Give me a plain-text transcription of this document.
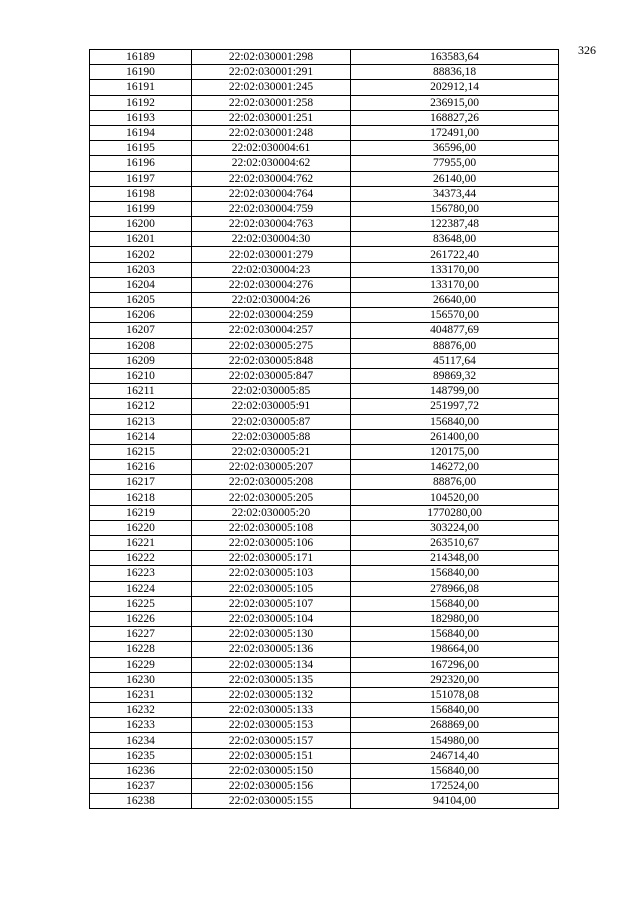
326
16189	22:02:030001:298	163583,64
16190	22:02:030001:291	88836,18
16191	22:02:030001:245	202912,14
16192	22:02:030001:258	236915,00
16193	22:02:030001:251	168827,26
16194	22:02:030001:248	172491,00
16195	22:02:030004:61	36596,00
16196	22:02:030004:62	77955,00
16197	22:02:030004:762	26140,00
16198	22:02:030004:764	34373,44
16199	22:02:030004:759	156780,00
16200	22:02:030004:763	122387,48
16201	22:02:030004:30	83648,00
16202	22:02:030001:279	261722,40
16203	22:02:030004:23	133170,00
16204	22:02:030004:276	133170,00
16205	22:02:030004:26	26640,00
16206	22:02:030004:259	156570,00
16207	22:02:030004:257	404877,69
16208	22:02:030005:275	88876,00
16209	22:02:030005:848	45117,64
16210	22:02:030005:847	89869,32
16211	22:02:030005:85	148799,00
16212	22:02:030005:91	251997,72
16213	22:02:030005:87	156840,00
16214	22:02:030005:88	261400,00
16215	22:02:030005:21	120175,00
16216	22:02:030005:207	146272,00
16217	22:02:030005:208	88876,00
16218	22:02:030005:205	104520,00
16219	22:02:030005:20	1770280,00
16220	22:02:030005:108	303224,00
16221	22:02:030005:106	263510,67
16222	22:02:030005:171	214348,00
16223	22:02:030005:103	156840,00
16224	22:02:030005:105	278966,08
16225	22:02:030005:107	156840,00
16226	22:02:030005:104	182980,00
16227	22:02:030005:130	156840,00
16228	22:02:030005:136	198664,00
16229	22:02:030005:134	167296,00
16230	22:02:030005:135	292320,00
16231	22:02:030005:132	151078,08
16232	22:02:030005:133	156840,00
16233	22:02:030005:153	268869,00
16234	22:02:030005:157	154980,00
16235	22:02:030005:151	246714,40
16236	22:02:030005:150	156840,00
16237	22:02:030005:156	172524,00
16238	22:02:030005:155	94104,00
